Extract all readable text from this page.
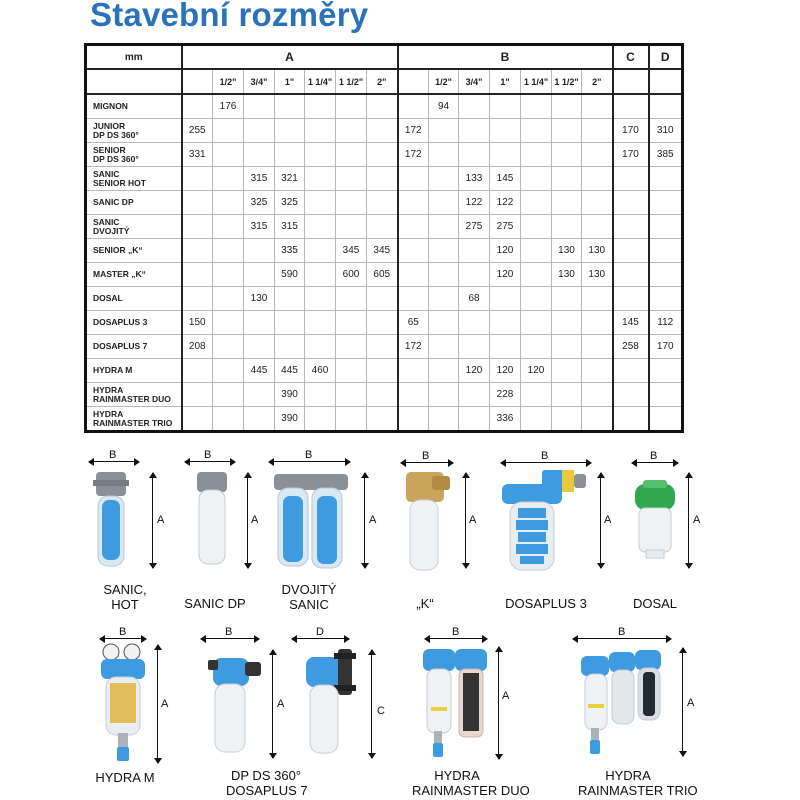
Stavební rozměry
mm	A							B							C	D
		1/2"	3/4"	1"	1 1/4"	1 1/2"	2"		1/2"	3/4"	1"	1 1/4"	1 1/2"	2"		

MIGNON		176							94							

JUNIOR
DP DS 360°	255							172							170	310

SENIOR
DP DS 360°	331							172							170	385

SANIC
SENIOR HOT			315	321						133	145					

SANIC DP			325	325						122	122					

SANIC
DVOJITÝ			315	315						275	275					

SENIOR „K“				335		345	345				120		130	130		

MASTER „K“				590		600	605				120		130	130		

DOSAL			130							68						

DOSAPLUS 3	150							65							145	112

DOSAPLUS 7	208							172							258	170

HYDRA M			445	445	460					120	120	120				

HYDRA
RAINMASTER DUO				390							228					

HYDRA
RAINMASTER TRIO				390							336					
B
A
SANIC,
HOT
B
A
SANIC DP
B
A
DVOJITÝ
SANIC
B
A
„K“
B
A
DOSAPLUS 3
B
A
DOSAL
B
A
HYDRA M
B
A
D
C
DP DS 360°
DOSAPLUS 7
B
A
HYDRA
RAINMASTER DUO
B
A
HYDRA
RAINMASTER TRIO
